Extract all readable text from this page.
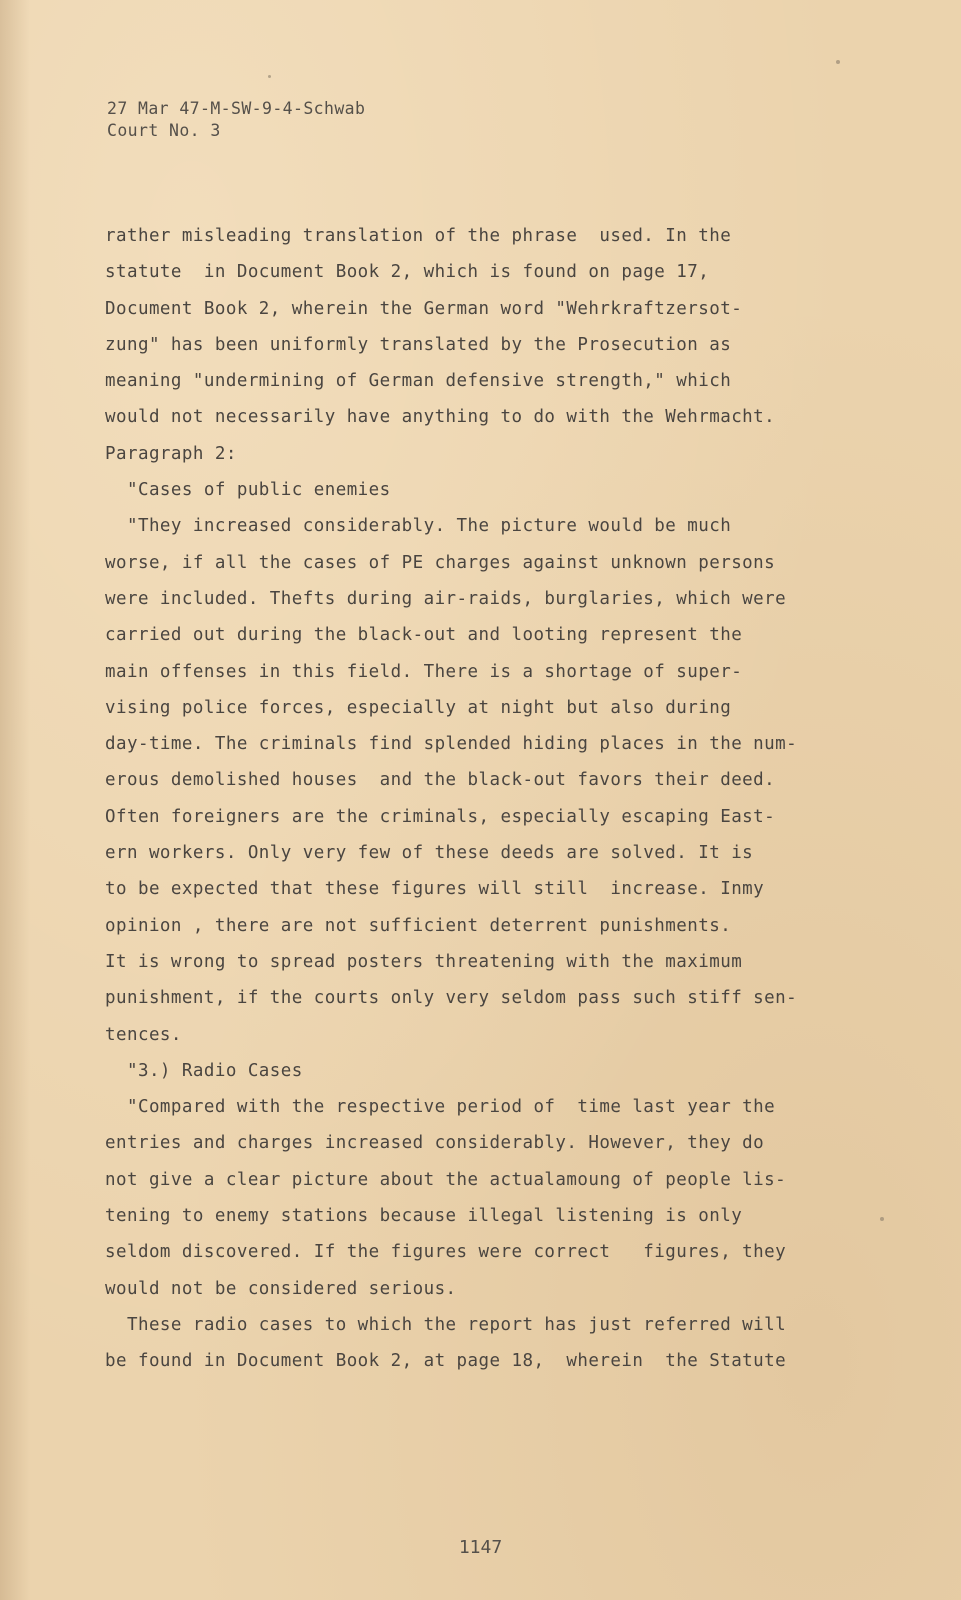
27 Mar 47-M-SW-9-4-Schwab
Court No. 3
rather misleading translation of the phrase  used. In the
statute  in Document Book 2, which is found on page 17,
Document Book 2, wherein the German word "Wehrkraftzersot-
zung" has been uniformly translated by the Prosecution as
meaning "undermining of German defensive strength," which
would not necessarily have anything to do with the Wehrmacht.
Paragraph 2:
"Cases of public enemies
"They increased considerably. The picture would be much
worse, if all the cases of PE charges against unknown persons
were included. Thefts during air-raids, burglaries, which were
carried out during the black-out and looting represent the
main offenses in this field. There is a shortage of super-
vising police forces, especially at night but also during
day-time. The criminals find splended hiding places in the num-
erous demolished houses  and the black-out favors their deed.
Often foreigners are the criminals, especially escaping East-
ern workers. Only very few of these deeds are solved. It is
to be expected that these figures will still  increase. Inmy
opinion , there are not sufficient deterrent punishments.
It is wrong to spread posters threatening with the maximum
punishment, if the courts only very seldom pass such stiff sen-
tences.
"3.) Radio Cases
"Compared with the respective period of  time last year the
entries and charges increased considerably. However, they do
not give a clear picture about the actualamoung of people lis-
tening to enemy stations because illegal listening is only
seldom discovered. If the figures were correct   figures, they
would not be considered serious.
These radio cases to which the report has just referred will
be found in Document Book 2, at page 18,  wherein  the Statute
1147
